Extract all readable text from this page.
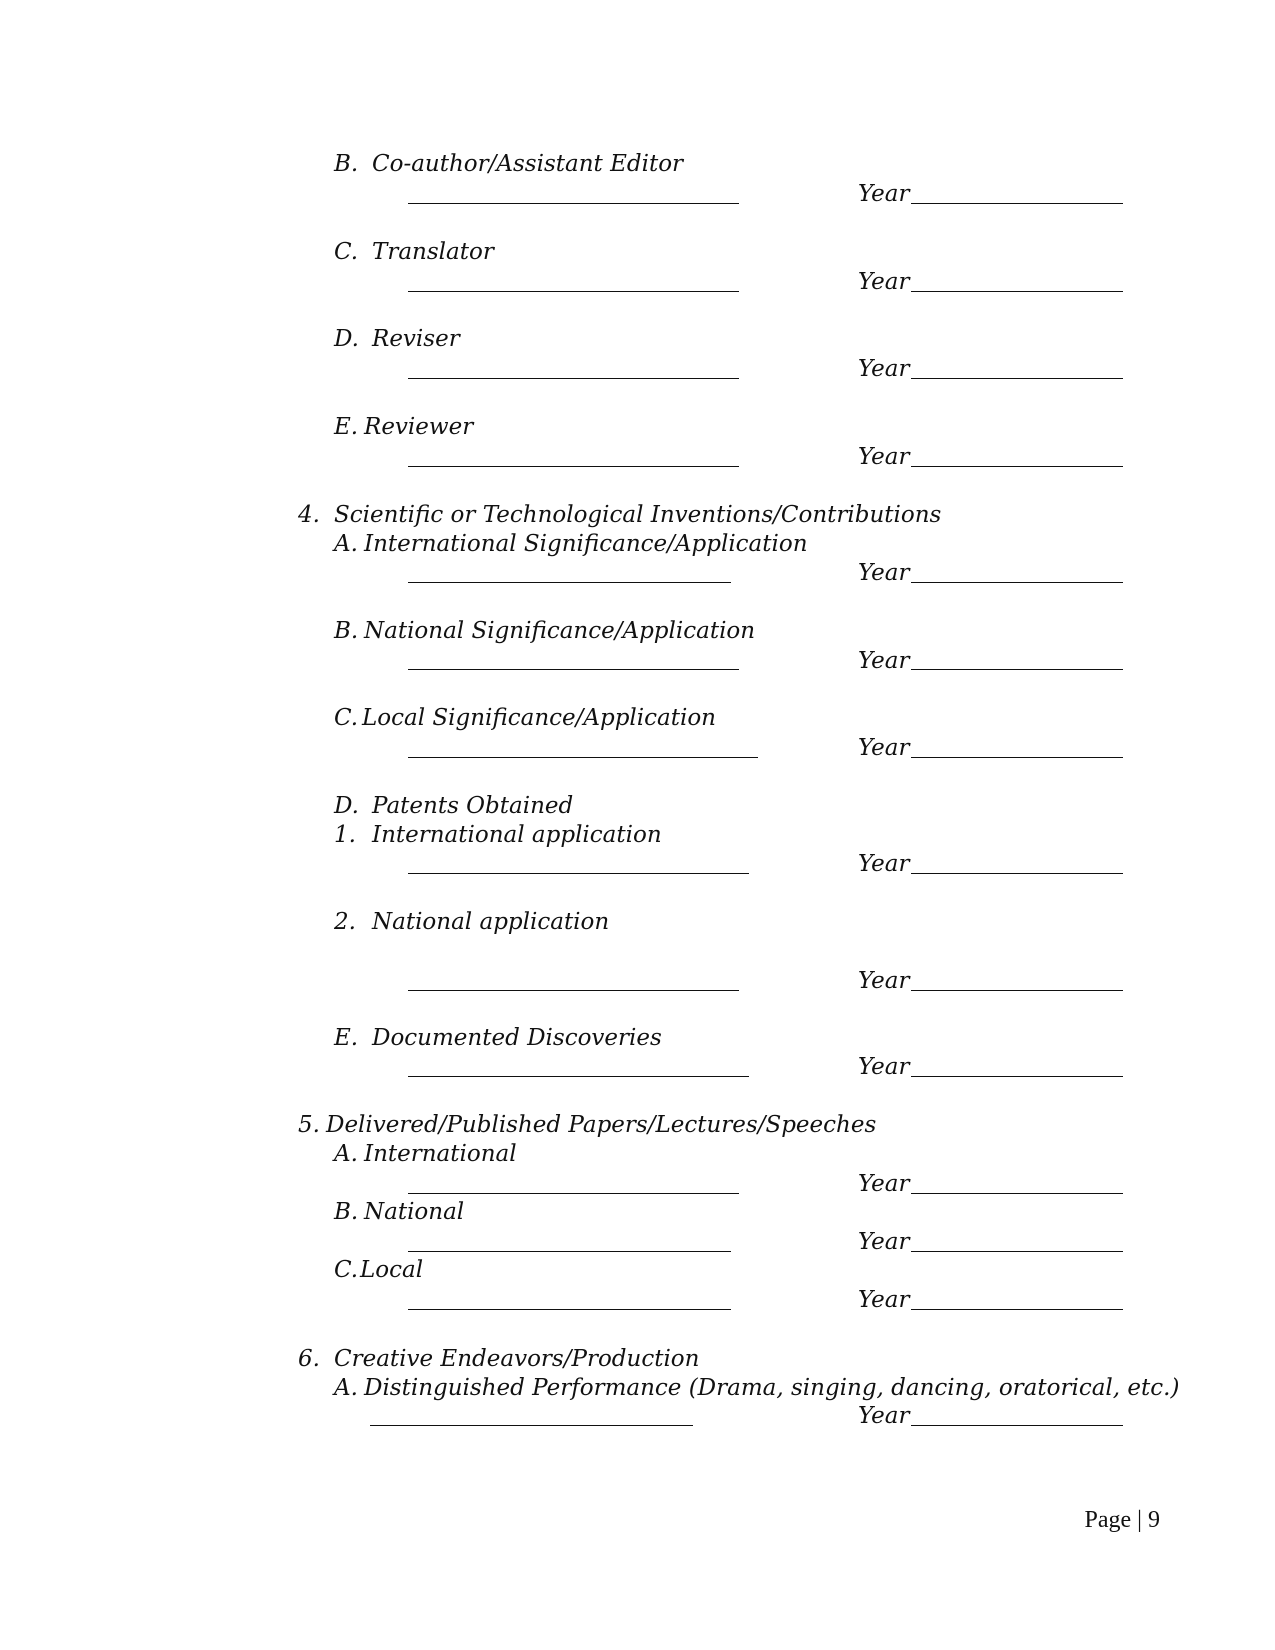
B. Co-author/Assistant Editor
Year
C. Translator
Year
D. Reviser
Year
E. Reviewer
Year
4. Scientific or Technological Inventions/Contributions
A. International Significance/Application
Year
B. National Significance/Application
Year
C. Local Significance/Application
Year
D. Patents Obtained
1. International application
Year
2. National application
Year
E. Documented Discoveries
Year
5. Delivered/Published Papers/Lectures/Speeches
A. International
Year
B. National
Year
C. Local
Year
6. Creative Endeavors/Production
A. Distinguished Performance (Drama, singing, dancing, oratorical, etc.)
Year
Page | 9
